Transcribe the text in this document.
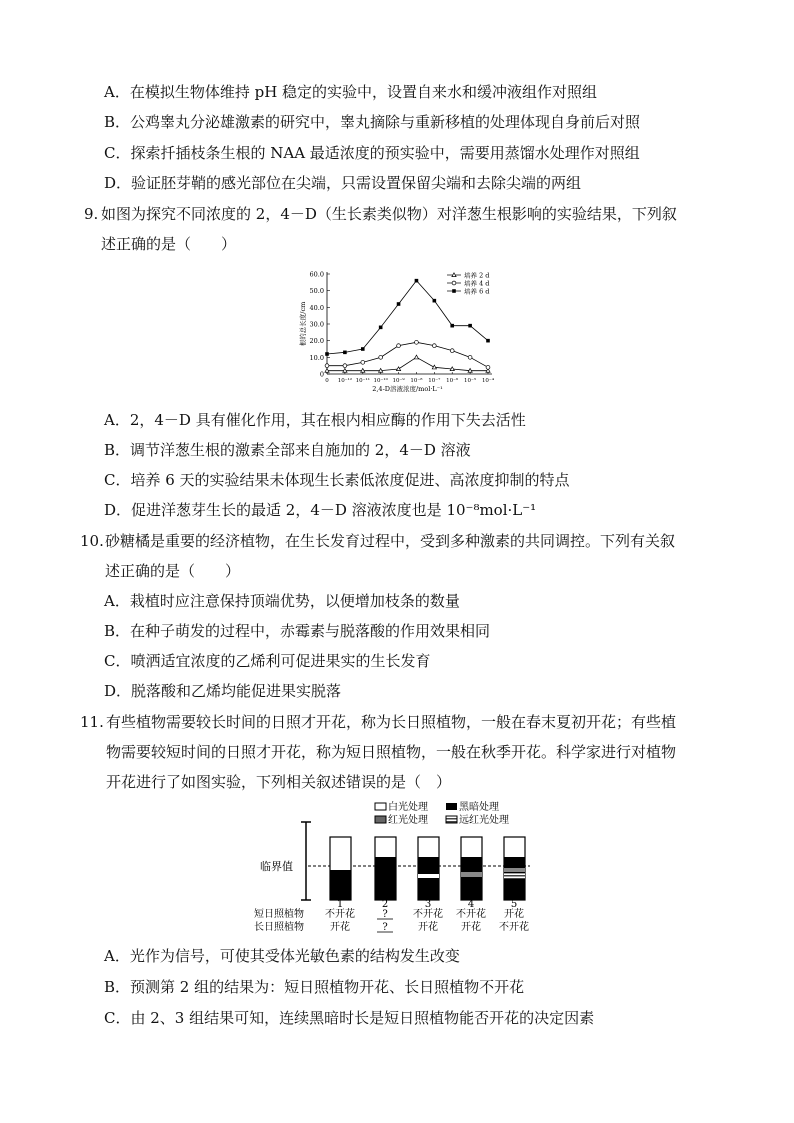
A．在模拟生物体维持 pH 稳定的实验中，设置自来水和缓冲液组作对照组
B．公鸡睾丸分泌雄激素的研究中，睾丸摘除与重新移植的处理体现自身前后对照
C．探索扦插枝条生根的 NAA 最适浓度的预实验中，需要用蒸馏水处理作对照组
D．验证胚芽鞘的感光部位在尖端，只需设置保留尖端和去除尖端的两组
9. 如图为探究不同浓度的 2，4－D（生长素类似物）对洋葱生根影响的实验结果，下列叙
述正确的是（　　）
0
10.0
20.0
30.0
40.0
50.0
60.0
0 10⁻¹² 10⁻¹¹ 10⁻¹⁰ 10⁻⁹ 10⁻⁸ 10⁻⁷ 10⁻⁶ 10⁻⁵ 10⁻⁴
2,4-D溶液浓度/mol·L⁻¹
根的总长度/cm
培养 2 d
培养 4 d
培养 6 d
A．2，4－D 具有催化作用，其在根内相应酶的作用下失去活性
B．调节洋葱生根的激素全部来自施加的 2，4－D 溶液
C．培养 6 天的实验结果未体现生长素低浓度促进、高浓度抑制的特点
D．促进洋葱芽生长的最适 2，4－D 溶液浓度也是 10⁻⁸mol·L⁻¹
10. 砂糖橘是重要的经济植物，在生长发育过程中，受到多种激素的共同调控。下列有关叙
述正确的是（　　）
A．栽植时应注意保持顶端优势，以便增加枝条的数量
B．在种子萌发的过程中，赤霉素与脱落酸的作用效果相同
C．喷洒适宜浓度的乙烯利可促进果实的生长发育
D．脱落酸和乙烯均能促进果实脱落
11. 有些植物需要较长时间的日照才开花，称为长日照植物，一般在春末夏初开花；有些植
物需要较短时间的日照才开花，称为短日照植物，一般在秋季开花。科学家进行对植物
开花进行了如图实验，下列相关叙述错误的是（　）
白光处理	黑暗处理
红光处理	远红光处理
临界值
短日照植物
长日照植物
1
不开花
开花
2
?
?
3
不开花
开花
4
不开花
开花
5
开花
不开花
A．光作为信号，可使其受体光敏色素的结构发生改变
B．预测第 2 组的结果为：短日照植物开花、长日照植物不开花
C．由 2、3 组结果可知，连续黑暗时长是短日照植物能否开花的决定因素
